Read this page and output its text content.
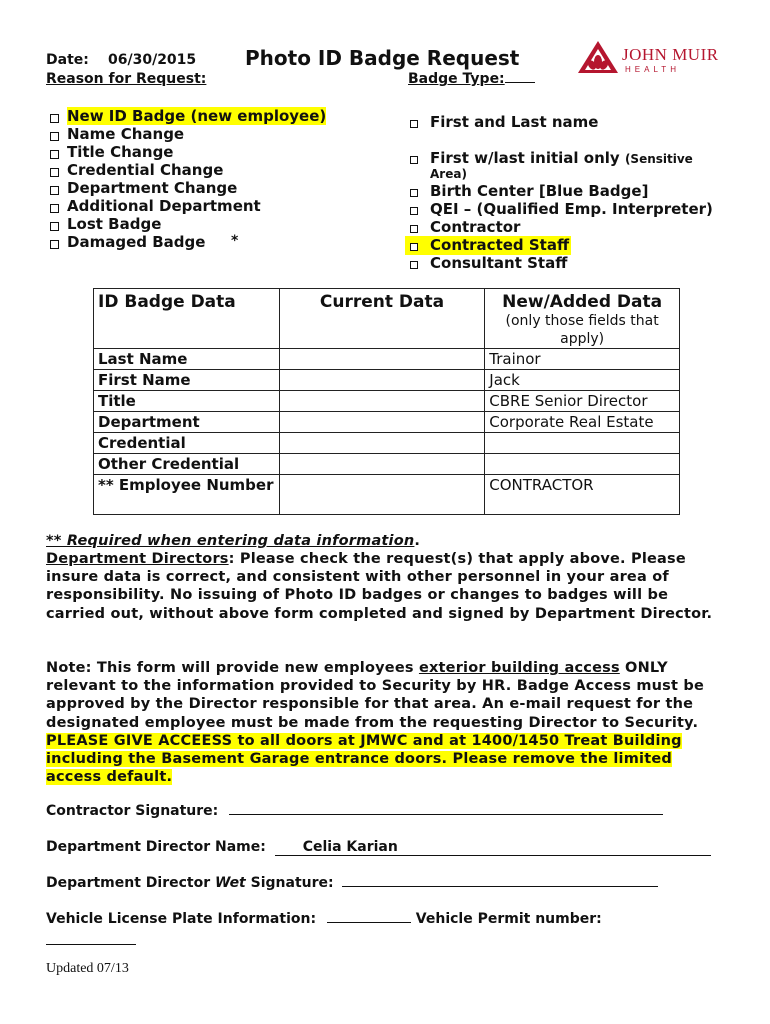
Date: 06/30/2015 Photo ID Badge Request	JOHN MUIR
HEALTH
Reason for Request:	Badge Type:
New ID Badge (new employee)
Name Change
Title Change
Credential Change
Department Change
Additional Department
Lost Badge
Damaged Badge *
First and Last name
First w/last initial only (Sensitive
Area)
Birth Center [Blue Badge]
QEI – (Qualified Emp. Interpreter)
Contractor
Contracted Staff
Consultant Staff
ID Badge Data	Current Data	New/Added Data
(only those fields that apply)

Last Name		Trainor
First Name		Jack
Title		CBRE Senior Director
Department		Corporate Real Estate
Credential		
Other Credential		
** Employee Number		CONTRACTOR
** Required when entering data information.
Department Directors: Please check the request(s) that apply above. Please insure data is correct, and consistent with other personnel in your area of responsibility. No issuing of Photo ID badges or changes to badges will be carried out, without above form completed and signed by Department Director.
Note: This form will provide new employees exterior building access ONLY relevant to the information provided to Security by HR. Badge Access must be approved by the Director responsible for that area. An e-mail request for the designated employee must be made from the requesting Director to Security. PLEASE GIVE ACCEESS to all doors at JMWC and at 1400/1450 Treat Building including the Basement Garage entrance doors. Please remove the limited access default.
Contractor Signature:
Department Director Name:	Celia Karian
Department Director Wet Signature:
Vehicle License Plate Information:	Vehicle Permit number:
Updated 07/13
